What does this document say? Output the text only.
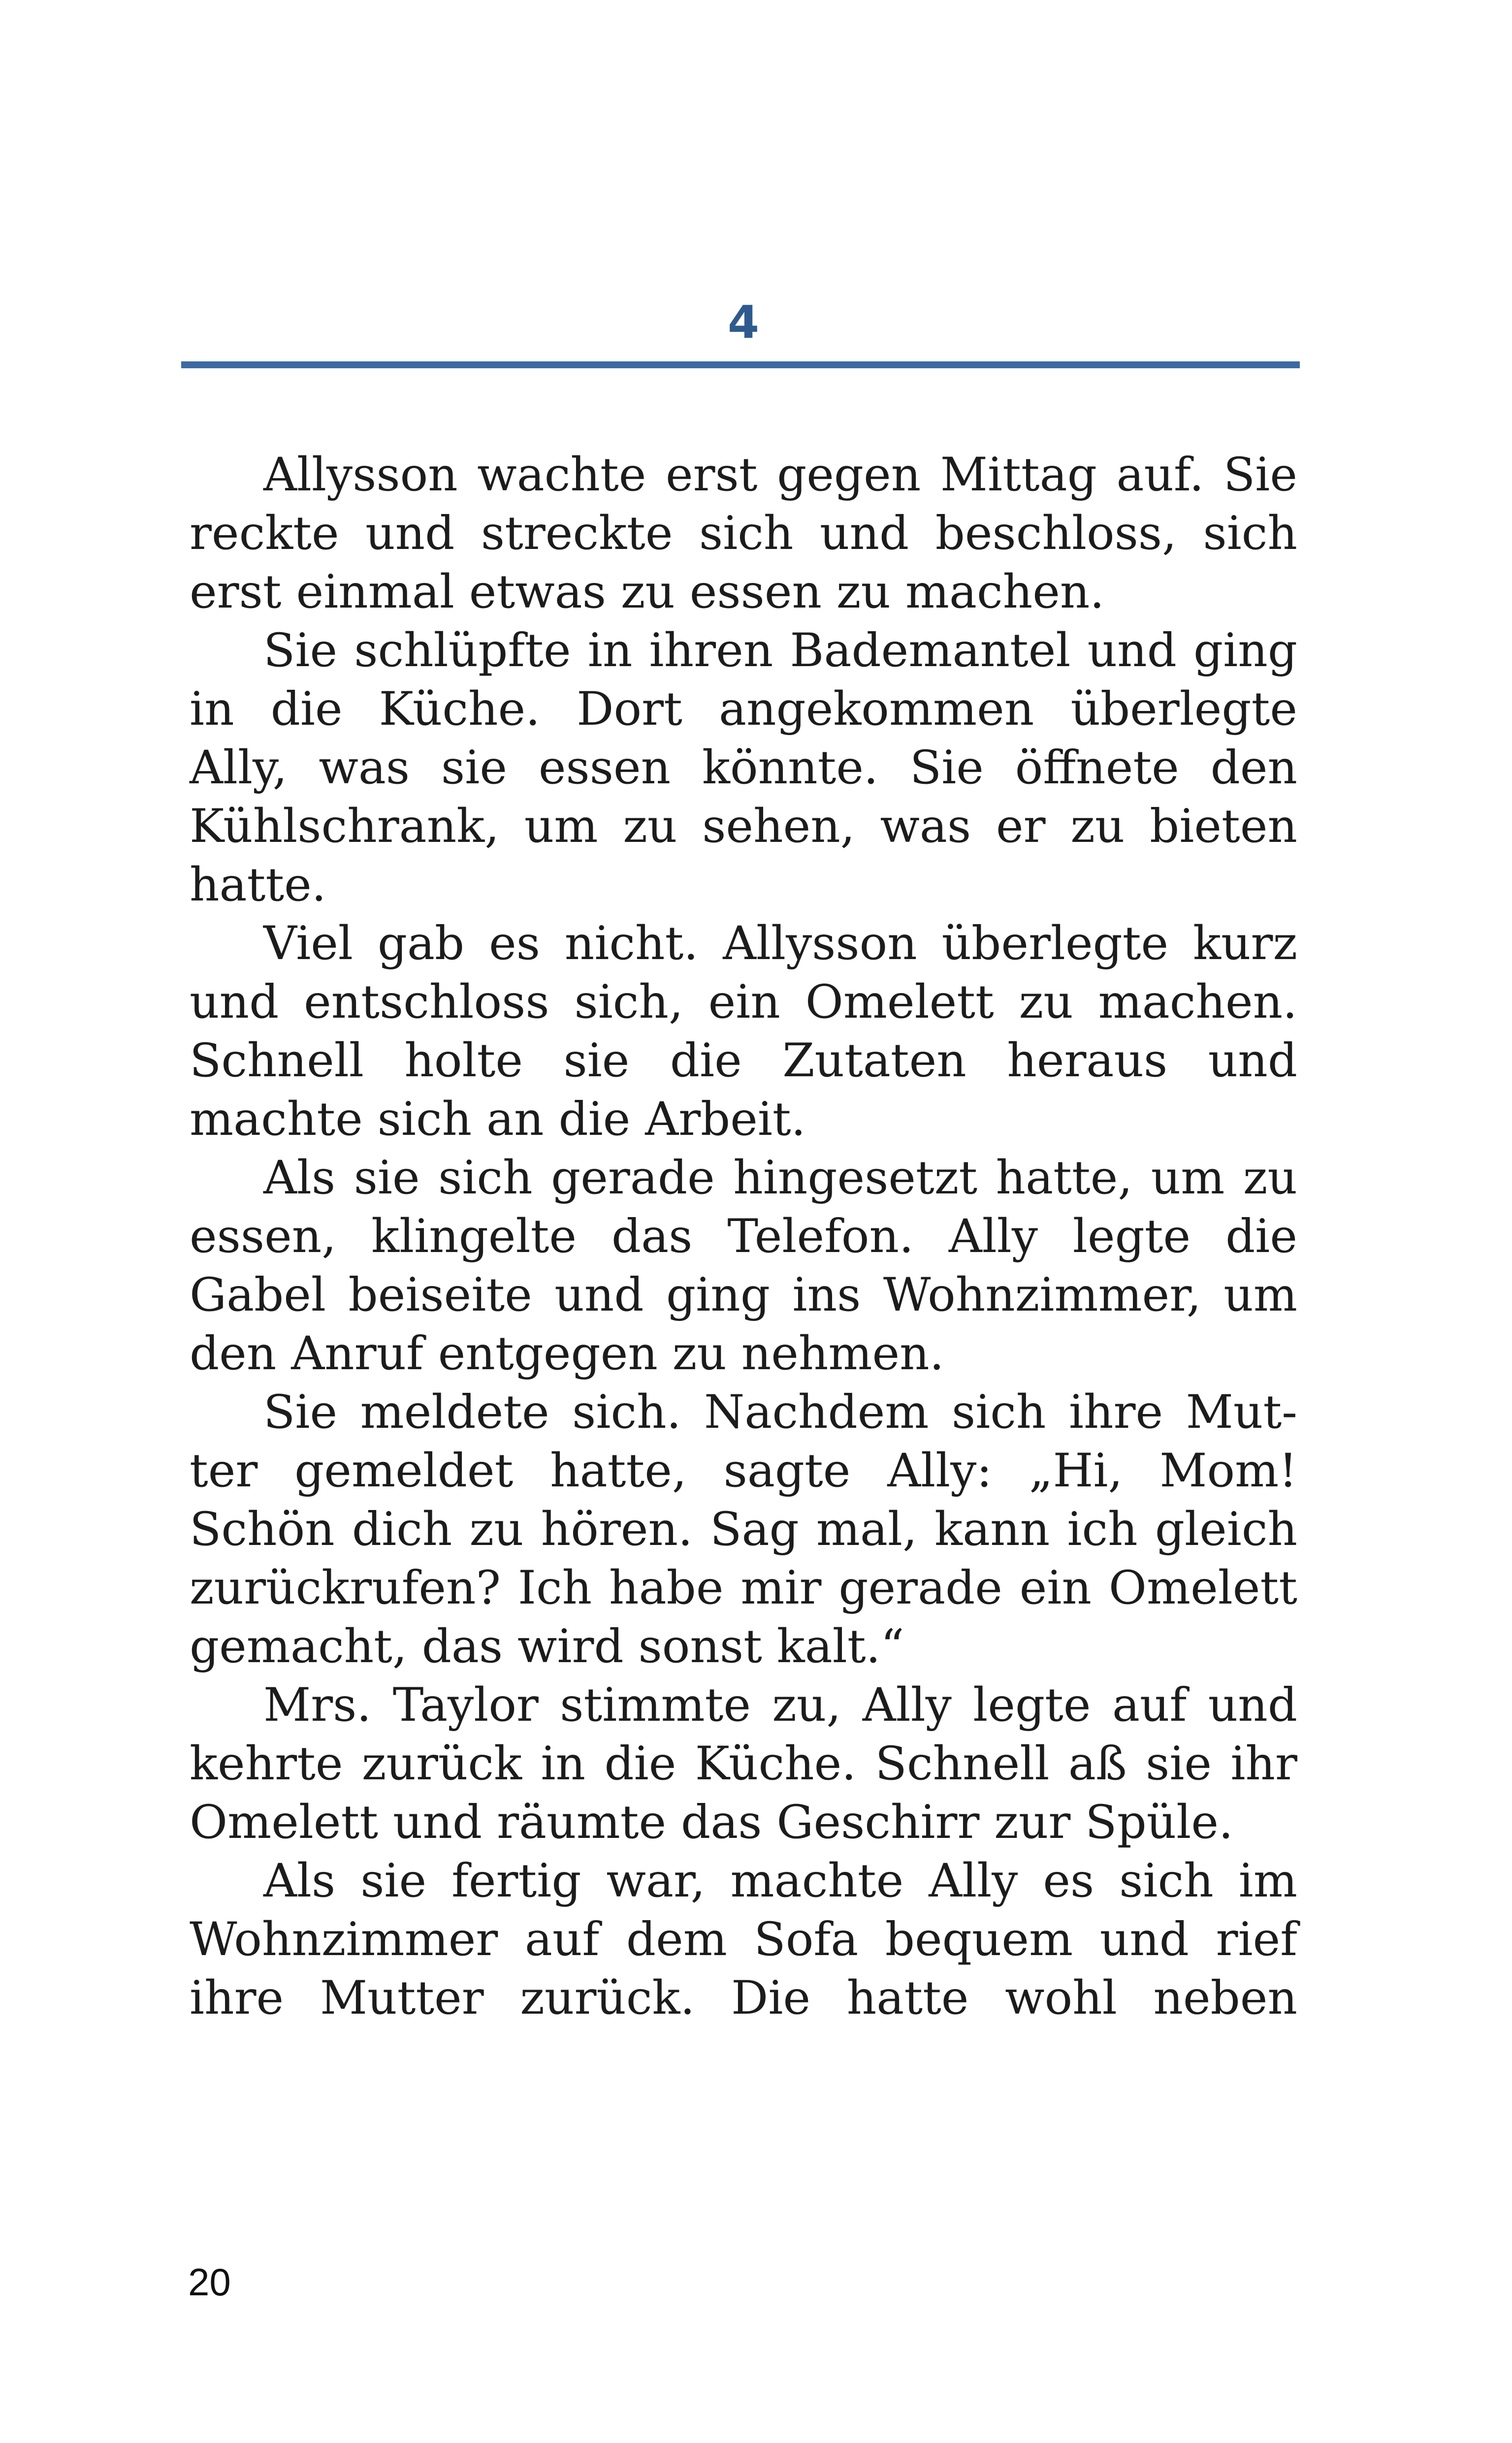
4

Allysson wachte erst gegen Mittag auf. Sie reckte und streckte sich und beschloss, sich erst einmal etwas zu essen zu machen.

Sie schlüpfte in ihren Bademantel und ging in die Küche. Dort angekommen überlegte Ally, was sie essen könnte. Sie öffnete den Kühlschrank, um zu sehen, was er zu bieten hatte.

Viel gab es nicht. Allysson überlegte kurz und entschloss sich, ein Omelett zu machen. Schnell holte sie die Zutaten heraus und machte sich an die Arbeit.

Als sie sich gerade hingesetzt hatte, um zu essen, klingelte das Telefon. Ally legte die Gabel beiseite und ging ins Wohnzimmer, um den Anruf entgegen zu nehmen.

Sie meldete sich. Nachdem sich ihre Mutter gemeldet hatte, sagte Ally: „Hi, Mom! Schön dich zu hören. Sag mal, kann ich gleich zurückrufen? Ich habe mir gerade ein Omelett gemacht, das wird sonst kalt.“

Mrs. Taylor stimmte zu, Ally legte auf und kehrte zurück in die Küche. Schnell aß sie ihr Omelett und räumte das Geschirr zur Spüle.

Als sie fertig war, machte Ally es sich im Wohnzimmer auf dem Sofa bequem und rief ihre Mutter zurück. Die hatte wohl neben

20
